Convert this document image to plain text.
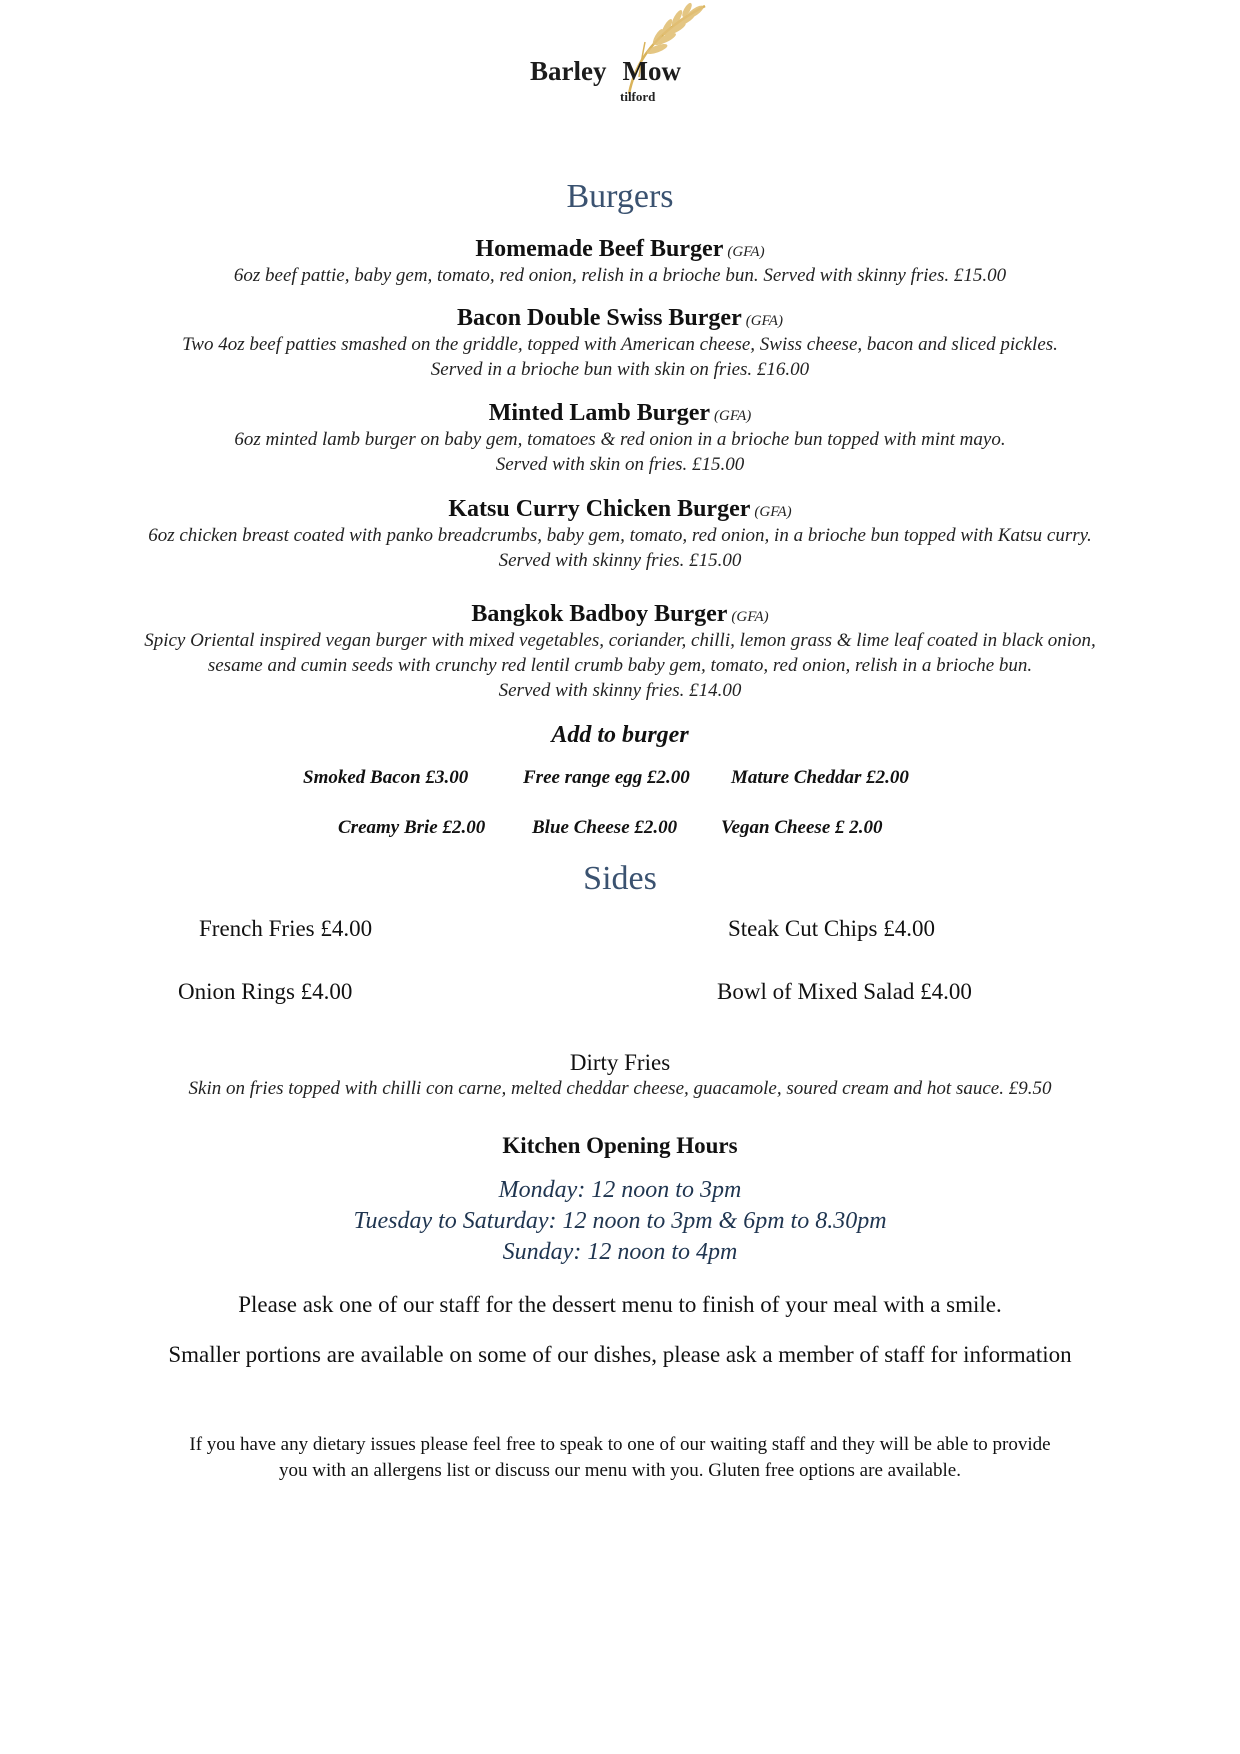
Barley Mow
tilford
Burgers
Homemade Beef Burger (GFA)
6oz beef pattie, baby gem, tomato, red onion, relish in a brioche bun. Served with skinny fries. £15.00
Bacon Double Swiss Burger (GFA)
Two 4oz beef patties smashed on the griddle, topped with American cheese, Swiss cheese, bacon and sliced pickles.
Served in a brioche bun with skin on fries. £16.00
Minted Lamb Burger (GFA)
6oz minted lamb burger on baby gem, tomatoes & red onion in a brioche bun topped with mint mayo.
Served with skin on fries. £15.00
Katsu Curry Chicken Burger (GFA)
6oz chicken breast coated with panko breadcrumbs, baby gem, tomato, red onion, in a brioche bun topped with Katsu curry.
Served with skinny fries. £15.00
Bangkok Badboy Burger (GFA)
Spicy Oriental inspired vegan burger with mixed vegetables, coriander, chilli, lemon grass & lime leaf coated in black onion,
sesame and cumin seeds with crunchy red lentil crumb baby gem, tomato, red onion, relish in a brioche bun.
Served with skinny fries. £14.00
Add to burger
Smoked Bacon £3.00	Free range egg £2.00 Mature Cheddar £2.00
Creamy Brie £2.00 Blue Cheese £2.00 Vegan Cheese £ 2.00
Sides
French Fries £4.00	Steak Cut Chips £4.00
Onion Rings £4.00	Bowl of Mixed Salad £4.00
Dirty Fries
Skin on fries topped with chilli con carne, melted cheddar cheese, guacamole, soured cream and hot sauce. £9.50
Kitchen Opening Hours
Monday: 12 noon to 3pm
Tuesday to Saturday: 12 noon to 3pm & 6pm to 8.30pm
Sunday: 12 noon to 4pm
Please ask one of our staff for the dessert menu to finish of your meal with a smile.
Smaller portions are available on some of our dishes, please ask a member of staff for information
If you have any dietary issues please feel free to speak to one of our waiting staff and they will be able to provide
you with an allergens list or discuss our menu with you. Gluten free options are available.
